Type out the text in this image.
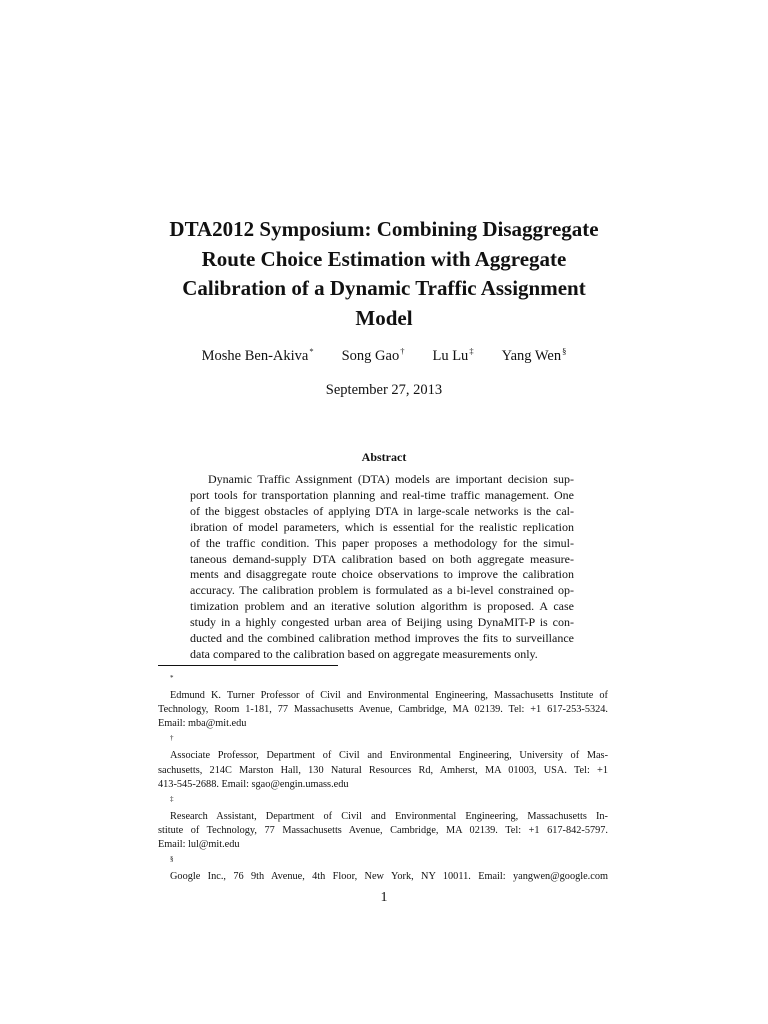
DTA2012 Symposium: Combining Disaggregate
Route Choice Estimation with Aggregate
Calibration of a Dynamic Traffic Assignment
Model
Moshe Ben-Akiva* Song Gao† Lu Lu‡ Yang Wen§
September 27, 2013
Abstract
Dynamic Traffic Assignment (DTA) models are important decision sup-
port tools for transportation planning and real-time traffic management. One
of the biggest obstacles of applying DTA in large-scale networks is the cal-
ibration of model parameters, which is essential for the realistic replication
of the traffic condition. This paper proposes a methodology for the simul-
taneous demand-supply DTA calibration based on both aggregate measure-
ments and disaggregate route choice observations to improve the calibration
accuracy. The calibration problem is formulated as a bi-level constrained op-
timization problem and an iterative solution algorithm is proposed. A case
study in a highly congested urban area of Beijing using DynaMIT-P is con-
ducted and the combined calibration method improves the fits to surveillance
data compared to the calibration based on aggregate measurements only.
*
Edmund K. Turner Professor of Civil and Environmental Engineering, Massachusetts Institute of
Technology, Room 1-181, 77 Massachusetts Avenue, Cambridge, MA 02139. Tel: +1 617-253-5324.
Email: mba@mit.edu
†
Associate Professor, Department of Civil and Environmental Engineering, University of Mas-
sachusetts, 214C Marston Hall, 130 Natural Resources Rd, Amherst, MA 01003, USA. Tel: +1
413-545-2688. Email: sgao@engin.umass.edu
‡
Research Assistant, Department of Civil and Environmental Engineering, Massachusetts In-
stitute of Technology, 77 Massachusetts Avenue, Cambridge, MA 02139. Tel: +1 617-842-5797.
Email: lul@mit.edu
§
Google Inc., 76 9th Avenue, 4th Floor, New York, NY 10011. Email: yangwen@google.com
1
